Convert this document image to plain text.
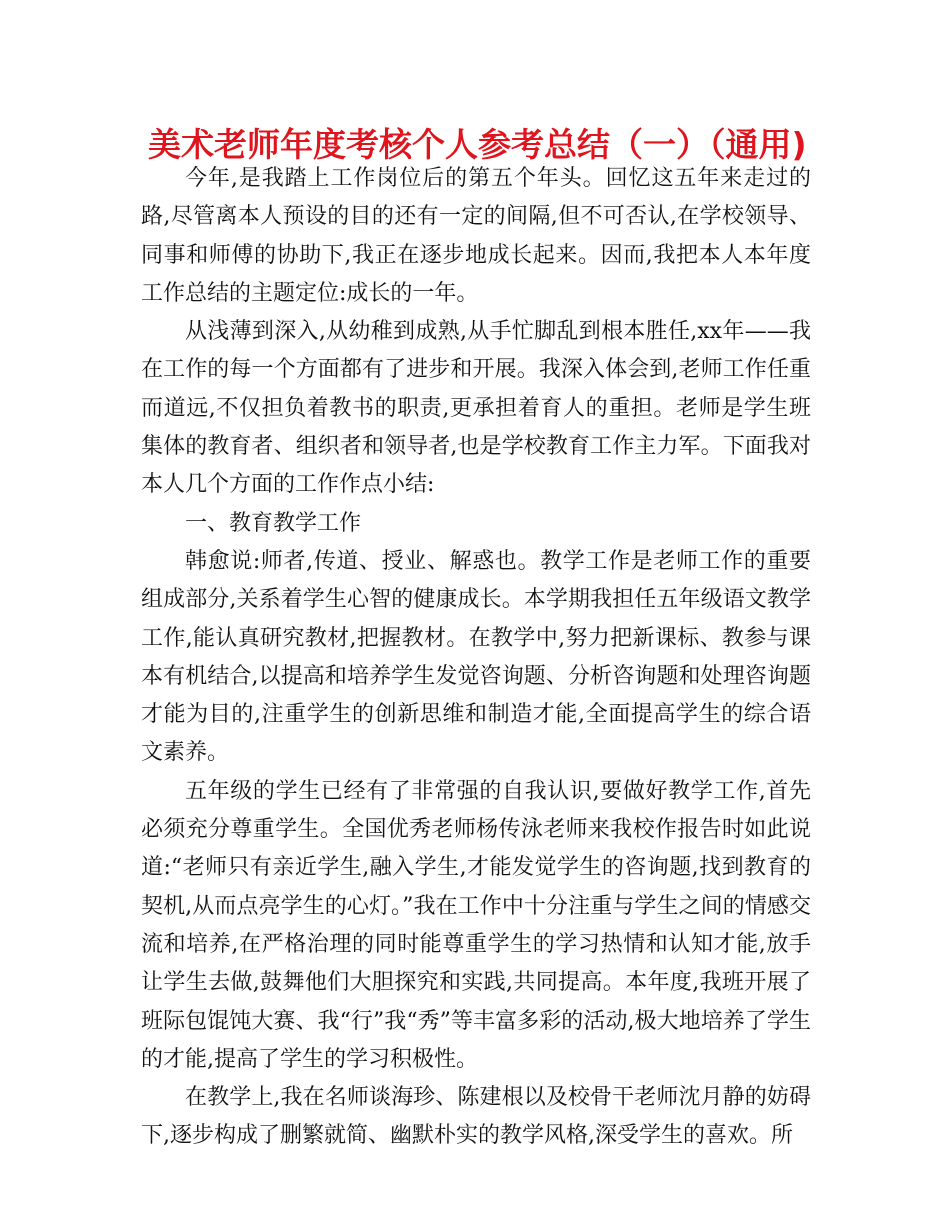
美术老师年度考核个人参考总结（一）（通用)

今年,是我踏上工作岗位后的第五个年头。回忆这五年来走过的路,尽管离本人预设的目的还有一定的间隔,但不可否认,在学校领导、同事和师傅的协助下,我正在逐步地成长起来。因而,我把本人本年度工作总结的主题定位:成长的一年。

从浅薄到深入,从幼稚到成熟,从手忙脚乱到根本胜任,xx年——我在工作的每一个方面都有了进步和开展。我深入体会到,老师工作任重而道远,不仅担负着教书的职责,更承担着育人的重担。老师是学生班集体的教育者、组织者和领导者,也是学校教育工作主力军。下面我对本人几个方面的工作作点小结:

一、教育教学工作

韩愈说:师者,传道、授业、解惑也。教学工作是老师工作的重要组成部分,关系着学生心智的健康成长。本学期我担任五年级语文教学工作,能认真研究教材,把握教材。在教学中,努力把新课标、教参与课本有机结合,以提高和培养学生发觉咨询题、分析咨询题和处理咨询题才能为目的,注重学生的创新思维和制造才能,全面提高学生的综合语文素养。

五年级的学生已经有了非常强的自我认识,要做好教学工作,首先必须充分尊重学生。全国优秀老师杨传泳老师来我校作报告时如此说道:“老师只有亲近学生,融入学生,才能发觉学生的咨询题,找到教育的契机,从而点亮学生的心灯。”我在工作中十分注重与学生之间的情感交流和培养,在严格治理的同时能尊重学生的学习热情和认知才能,放手让学生去做,鼓舞他们大胆探究和实践,共同提高。本年度,我班开展了班际包馄饨大赛、我“行”我“秀”等丰富多彩的活动,极大地培养了学生的才能,提高了学生的学习积极性。

在教学上,我在名师谈海珍、陈建根以及校骨干老师沈月静的妨碍下,逐步构成了删繁就简、幽默朴实的教学风格,深受学生的喜欢。所
